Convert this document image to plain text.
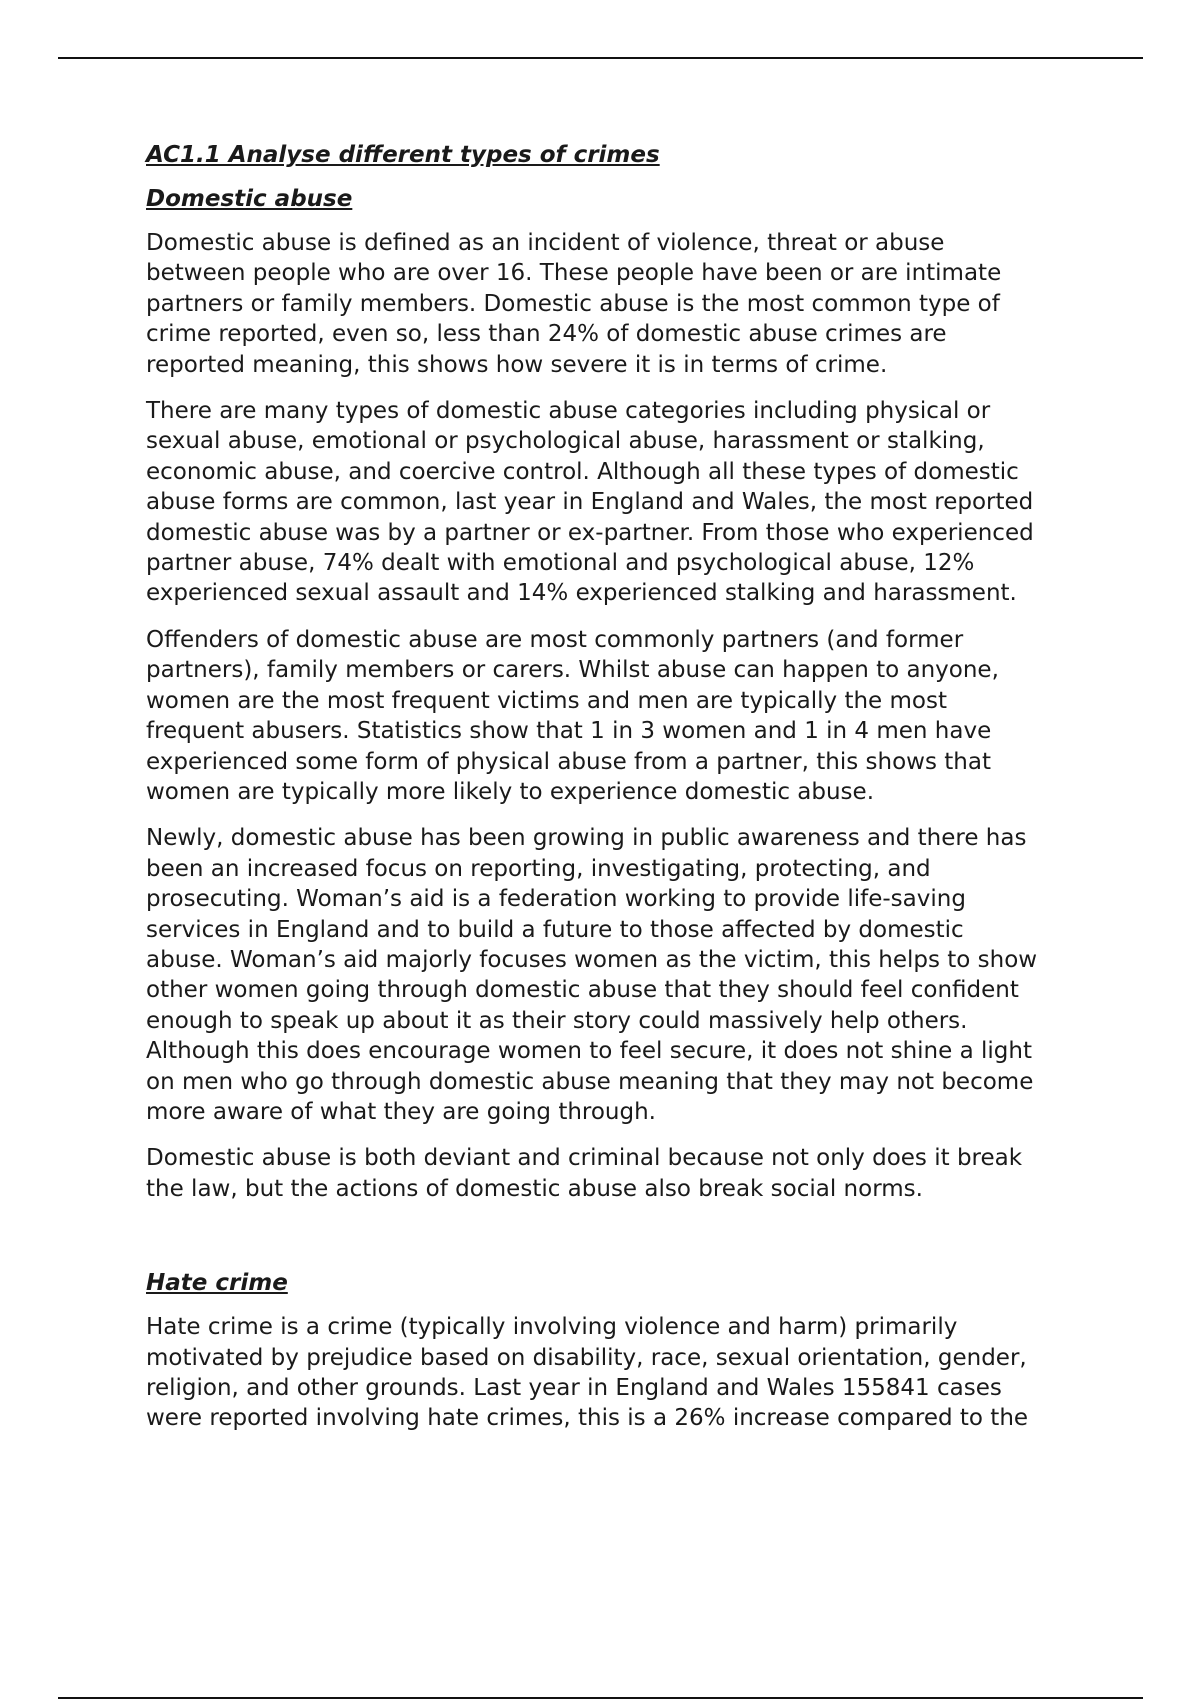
AC1.1 Analyse different types of crimes
Domestic abuse

Domestic abuse is defined as an incident of violence, threat or abuse
between people who are over 16. These people have been or are intimate
partners or family members. Domestic abuse is the most common type of
crime reported, even so, less than 24% of domestic abuse crimes are
reported meaning, this shows how severe it is in terms of crime.

There are many types of domestic abuse categories including physical or
sexual abuse, emotional or psychological abuse, harassment or stalking,
economic abuse, and coercive control. Although all these types of domestic
abuse forms are common, last year in England and Wales, the most reported
domestic abuse was by a partner or ex-partner. From those who experienced
partner abuse, 74% dealt with emotional and psychological abuse, 12%
experienced sexual assault and 14% experienced stalking and harassment.

Offenders of domestic abuse are most commonly partners (and former
partners), family members or carers. Whilst abuse can happen to anyone,
women are the most frequent victims and men are typically the most
frequent abusers. Statistics show that 1 in 3 women and 1 in 4 men have
experienced some form of physical abuse from a partner, this shows that
women are typically more likely to experience domestic abuse.

Newly, domestic abuse has been growing in public awareness and there has
been an increased focus on reporting, investigating, protecting, and
prosecuting. Woman’s aid is a federation working to provide life-saving
services in England and to build a future to those affected by domestic
abuse. Woman’s aid majorly focuses women as the victim, this helps to show
other women going through domestic abuse that they should feel confident
enough to speak up about it as their story could massively help others.
Although this does encourage women to feel secure, it does not shine a light
on men who go through domestic abuse meaning that they may not become
more aware of what they are going through.

Domestic abuse is both deviant and criminal because not only does it break
the law, but the actions of domestic abuse also break social norms.

Hate crime

Hate crime is a crime (typically involving violence and harm) primarily
motivated by prejudice based on disability, race, sexual orientation, gender,
religion, and other grounds. Last year in England and Wales 155841 cases
were reported involving hate crimes, this is a 26% increase compared to the
